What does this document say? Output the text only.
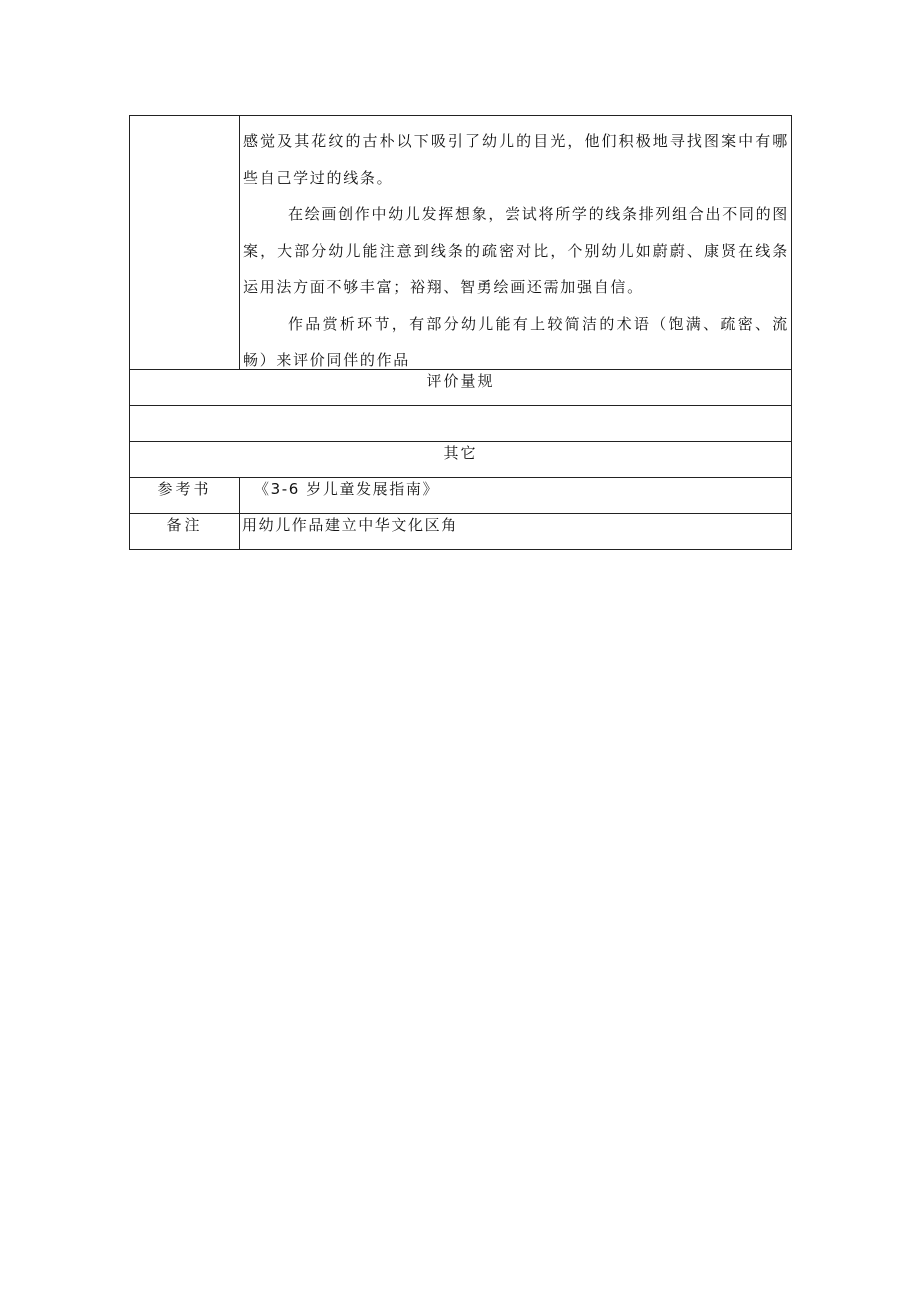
	感觉及其花纹的古朴以下吸引了幼儿的目光，他们积极地寻找图案中有哪些自己学过的线条。

在绘画创作中幼儿发挥想象，尝试将所学的线条排列组合出不同的图案，大部分幼儿能注意到线条的疏密对比，个别幼儿如蔚蔚、康贤在线条运用法方面不够丰富；裕翔、智勇绘画还需加强自信。

作品赏析环节，有部分幼儿能有上较简洁的术语（饱满、疏密、流畅）来评价同伴的作品

评价量规	

其它	
参考书	《3-6 岁儿童发展指南》
备注	用幼儿作品建立中华文化区角
